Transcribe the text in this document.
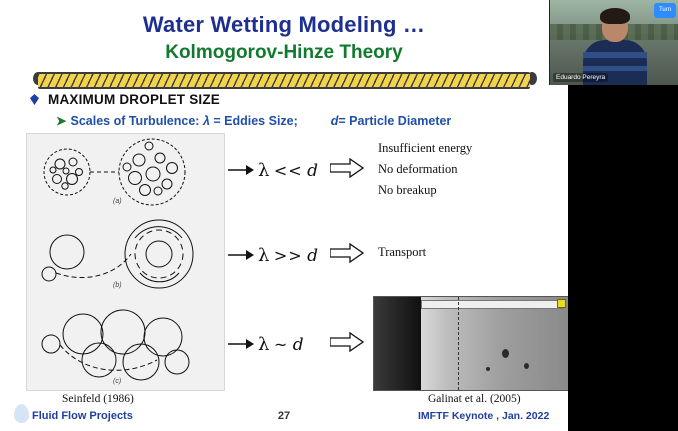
Water Wetting Modeling …
Kolmogorov-Hinze Theory
MAXIMUM DROPLET SIZE
➤ Scales of Turbulence: λ = Eddies Size;	d= Particle Diameter
(a)
(b)
(c)
λ << d
Insufficient energy
No deformation
No breakup
λ >> d	Transport
λ ~ d
Seinfeld (1986)	Galinat et al. (2005)
Fluid Flow Projects	27	IMFTF Keynote , Jan. 2022
Turn
Eduardo Pereyra
